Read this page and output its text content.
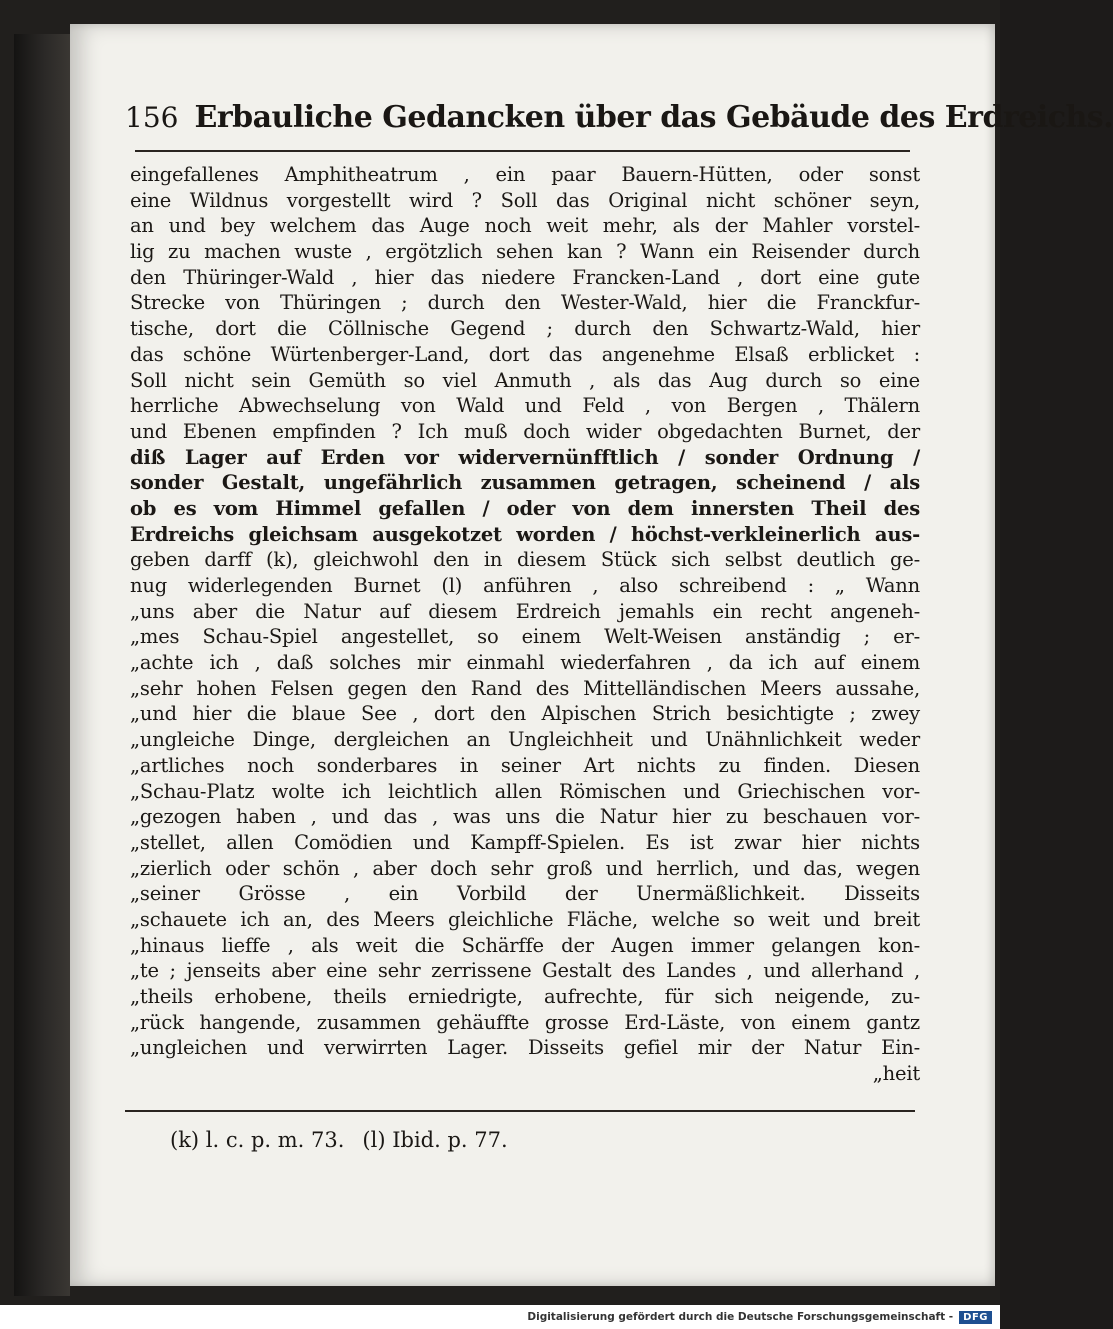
156 Erbauliche Gedancken über das Gebäude des Erdreichs.
eingefallenes Amphitheatrum , ein paar Bauern-Hütten, oder sonst
eine Wildnus vorgestellt wird ? Soll das Original nicht schöner seyn,
an und bey welchem das Auge noch weit mehr, als der Mahler vorstel-
lig zu machen wuste , ergötzlich sehen kan ? Wann ein Reisender durch
den Thüringer-Wald , hier das niedere Francken-Land , dort eine gute
Strecke von Thüringen ; durch den Wester-Wald, hier die Franckfur-
tische, dort die Cöllnische Gegend ; durch den Schwartz-Wald, hier
das schöne Würtenberger-Land, dort das angenehme Elsaß erblicket :
Soll nicht sein Gemüth so viel Anmuth , als das Aug durch so eine
herrliche Abwechselung von Wald und Feld , von Bergen , Thälern
und Ebenen empfinden ? Ich muß doch wider obgedachten Burnet, der
diß Lager auf Erden vor widervernünfftlich / sonder Ordnung /
sonder Gestalt, ungefährlich zusammen getragen, scheinend / als
ob es vom Himmel gefallen / oder von dem innersten Theil des
Erdreichs gleichsam ausgekotzet worden / höchst-verkleinerlich aus-
geben darff (k), gleichwohl den in diesem Stück sich selbst deutlich ge-
nug widerlegenden Burnet (l) anführen , also schreibend : „ Wann
„uns aber die Natur auf diesem Erdreich jemahls ein recht angeneh-
„mes Schau-Spiel angestellet, so einem Welt-Weisen anständig ; er-
„achte ich , daß solches mir einmahl wiederfahren , da ich auf einem
„sehr hohen Felsen gegen den Rand des Mittelländischen Meers aussahe,
„und hier die blaue See , dort den Alpischen Strich besichtigte ; zwey
„ungleiche Dinge, dergleichen an Ungleichheit und Unähnlichkeit weder
„artliches noch sonderbares in seiner Art nichts zu finden. Diesen
„Schau-Platz wolte ich leichtlich allen Römischen und Griechischen vor-
„gezogen haben , und das , was uns die Natur hier zu beschauen vor-
„stellet, allen Comödien und Kampff-Spielen. Es ist zwar hier nichts
„zierlich oder schön , aber doch sehr groß und herrlich, und das, wegen
„seiner Grösse , ein Vorbild der Unermäßlichkeit. Disseits
„schauete ich an, des Meers gleichliche Fläche, welche so weit und breit
„hinaus lieffe , als weit die Schärffe der Augen immer gelangen kon-
„te ; jenseits aber eine sehr zerrissene Gestalt des Landes , und allerhand ,
„theils erhobene, theils erniedrigte, aufrechte, für sich neigende, zu-
„rück hangende, zusammen gehäuffte grosse Erd-Läste, von einem gantz
„ungleichen und verwirrten Lager. Disseits gefiel mir der Natur Ein-
„heit
(k) l. c. p. m. 73. (l) Ibid. p. 77.
Digitalisierung gefördert durch die Deutsche Forschungsgemeinschaft -	DFG
